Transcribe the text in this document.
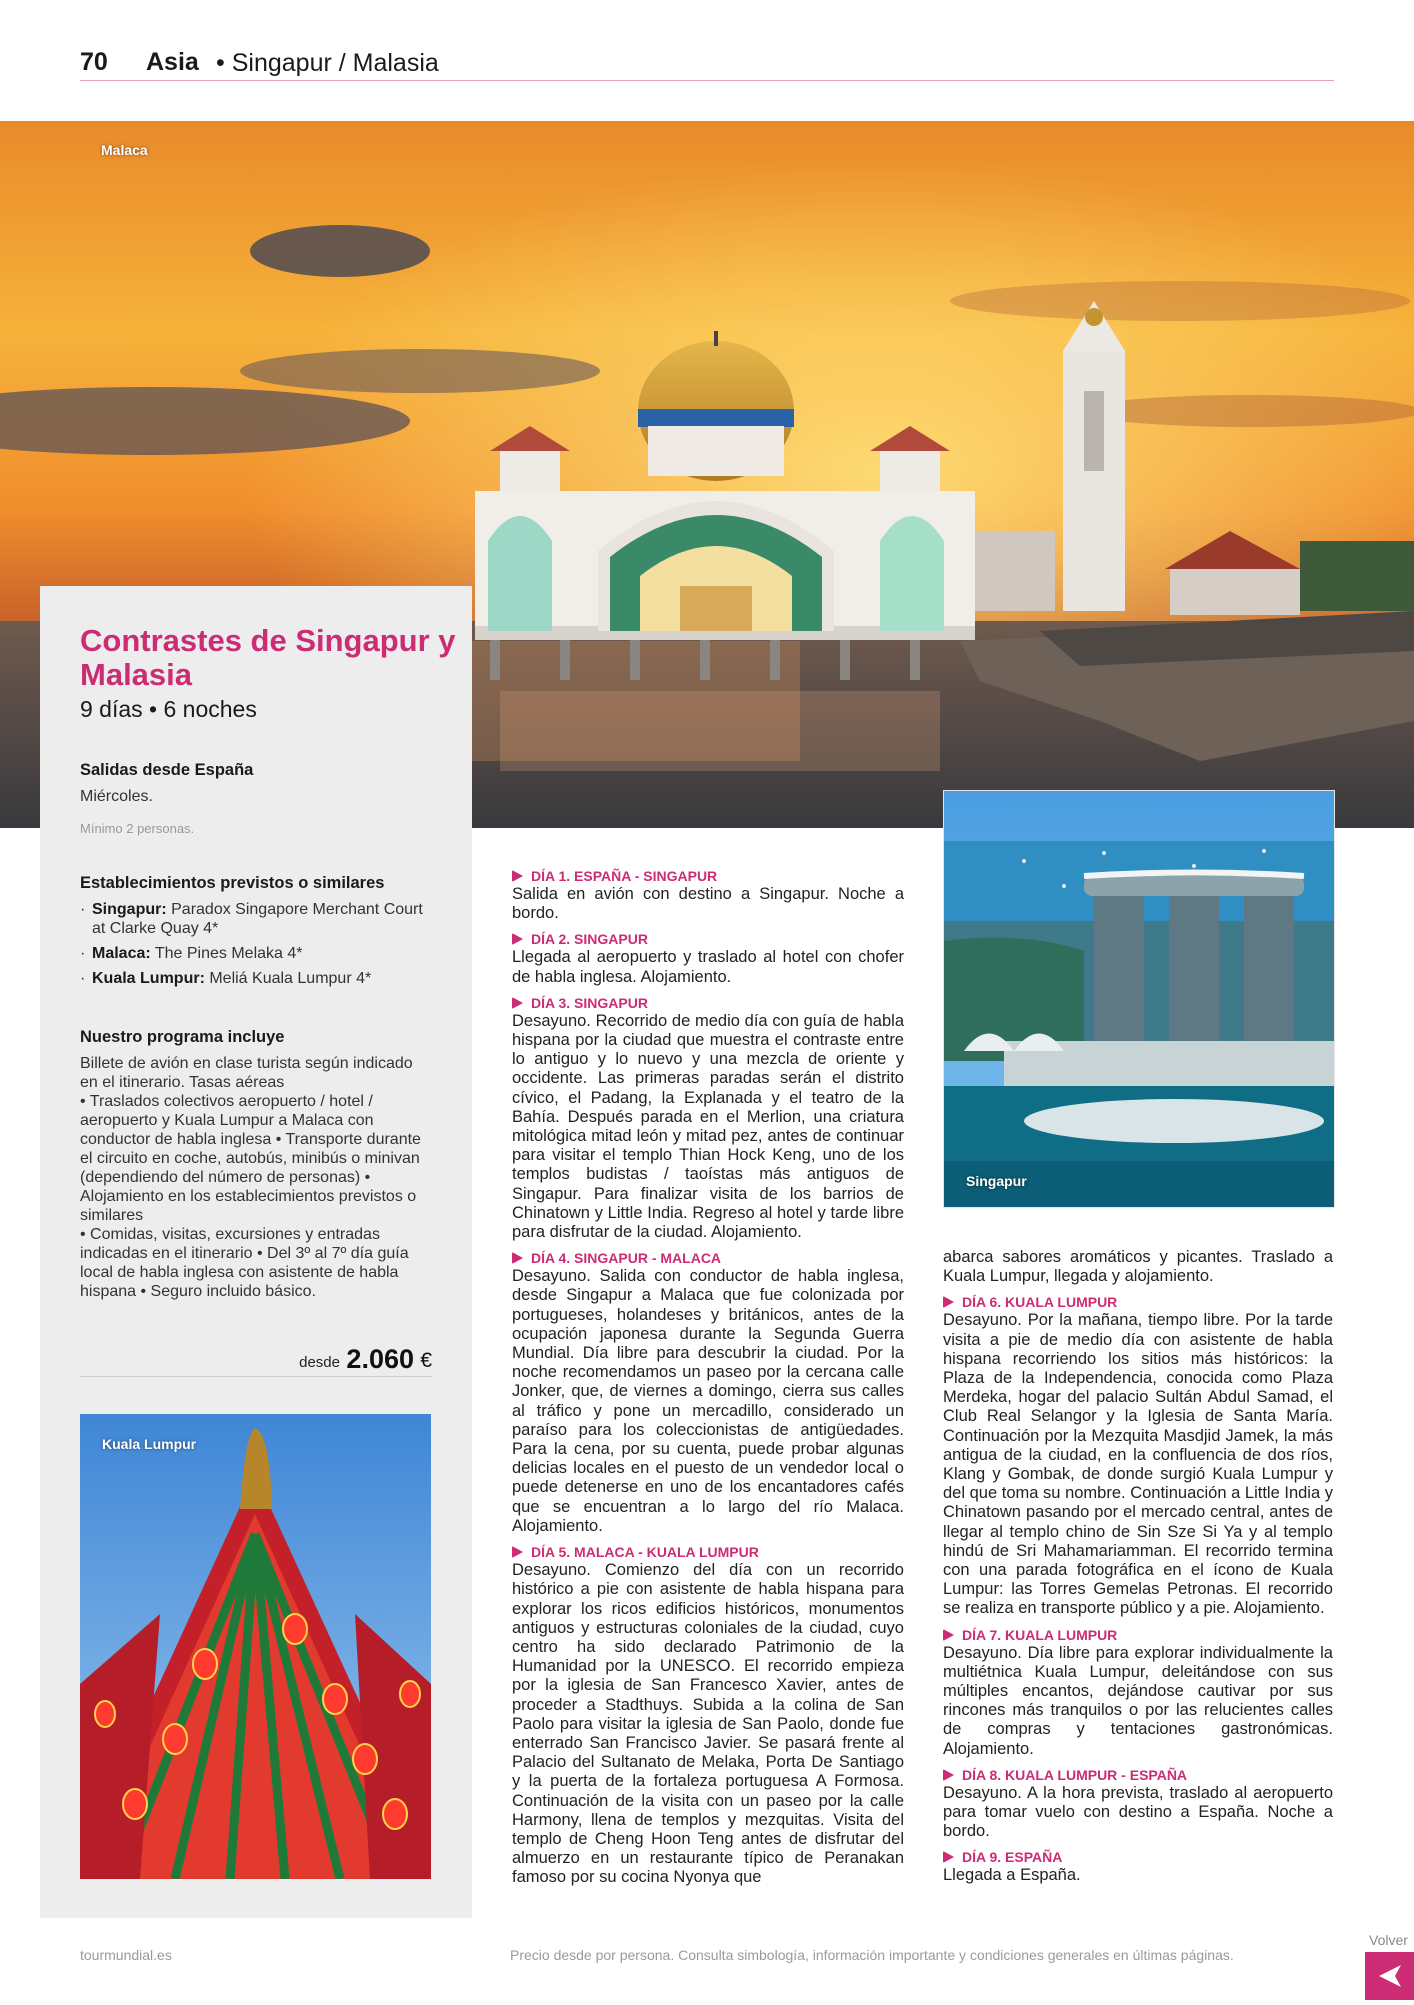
70 Asia • Singapur / Malasia
Malaca
Contrastes de Singapur y Malasia
9 días • 6 noches
Salidas desde España
Miércoles.
Mínimo 2 personas.
Establecimientos previstos o similares
· Singapur: Paradox Singapore Merchant Court at Clarke Quay 4*
· Malaca: The Pines Melaka 4*
· Kuala Lumpur: Meliá Kuala Lumpur 4*
Nuestro programa incluye
Billete de avión en clase turista según indicado en el itinerario. Tasas aéreas
• Traslados colectivos aeropuerto / hotel / aeropuerto y Kuala Lumpur a Malaca con conductor de habla inglesa • Transporte durante el circuito en coche, autobús, minibús o minivan (dependiendo del número de personas) • Alojamiento en los establecimientos previstos o similares
• Comidas, visitas, excursiones y entradas indicadas en el itinerario • Del 3º al 7º día guía local de habla inglesa con asistente de habla hispana • Seguro incluido básico.
desde 2.060 €
Kuala Lumpur
Singapur
DÍA 1. ESPAÑA - SINGAPUR
Salida en avión con destino a Singapur. Noche a bordo.
DÍA 2. SINGAPUR
Llegada al aeropuerto y traslado al hotel con chofer de habla inglesa. Alojamiento.
DÍA 3. SINGAPUR
Desayuno. Recorrido de medio día con guía de habla hispana por la ciudad que muestra el contraste entre lo antiguo y lo nuevo y una mezcla de oriente y occidente. Las primeras paradas serán el distrito cívico, el Padang, la Explanada y el teatro de la Bahía. Después parada en el Merlion, una criatura mitológica mitad león y mitad pez, antes de continuar para visitar el templo Thian Hock Keng, uno de los templos budistas / taoístas más antiguos de Singapur. Para finalizar visita de los barrios de Chinatown y Little India. Regreso al hotel y tarde libre para disfrutar de la ciudad. Alojamiento.
DÍA 4. SINGAPUR - MALACA
Desayuno. Salida con conductor de habla inglesa, desde Singapur a Malaca que fue colonizada por portugueses, holandeses y británicos, antes de la ocupación japonesa durante la Segunda Guerra Mundial. Día libre para descubrir la ciudad. Por la noche recomendamos un paseo por la cercana calle Jonker, que, de viernes a domingo, cierra sus calles al tráfico y pone un mercadillo, considerado un paraíso para los coleccionistas de antigüedades. Para la cena, por su cuenta, puede probar algunas delicias locales en el puesto de un vendedor local o puede detenerse en uno de los encantadores cafés que se encuentran a lo largo del río Malaca. Alojamiento.
DÍA 5. MALACA - KUALA LUMPUR
Desayuno. Comienzo del día con un recorrido histórico a pie con asistente de habla hispana para explorar los ricos edificios históricos, monumentos antiguos y estructuras coloniales de la ciudad, cuyo centro ha sido declarado Patrimonio de la Humanidad por la UNESCO. El recorrido empieza por la iglesia de San Francesco Xavier, antes de proceder a Stadthuys. Subida a la colina de San Paolo para visitar la iglesia de San Paolo, donde fue enterrado San Francisco Javier. Se pasará frente al Palacio del Sultanato de Melaka, Porta De Santiago y la puerta de la fortaleza portuguesa A Formosa. Continuación de la visita con un paseo por la calle Harmony, llena de templos y mezquitas. Visita del templo de Cheng Hoon Teng antes de disfrutar del almuerzo en un restaurante típico de Peranakan famoso por su cocina Nyonya que
abarca sabores aromáticos y picantes. Traslado a Kuala Lumpur, llegada y alojamiento.
DÍA 6. KUALA LUMPUR
Desayuno. Por la mañana, tiempo libre. Por la tarde visita a pie de medio día con asistente de habla hispana recorriendo los sitios más históricos: la Plaza de la Independencia, conocida como Plaza Merdeka, hogar del palacio Sultán Abdul Samad, el Club Real Selangor y la Iglesia de Santa María. Continuación por la Mezquita Masdjid Jamek, la más antigua de la ciudad, en la confluencia de dos ríos, Klang y Gombak, de donde surgió Kuala Lumpur y del que toma su nombre. Continuación a Little India y Chinatown pasando por el mercado central, antes de llegar al templo chino de Sin Sze Si Ya y al templo hindú de Sri Mahamariamman. El recorrido termina con una parada fotográfica en el ícono de Kuala Lumpur: las Torres Gemelas Petronas. El recorrido se realiza en transporte público y a pie. Alojamiento.
DÍA 7. KUALA LUMPUR
Desayuno. Día libre para explorar individualmente la multiétnica Kuala Lumpur, deleitándose con sus múltiples encantos, dejándose cautivar por sus rincones más tranquilos o por las relucientes calles de compras y tentaciones gastronómicas. Alojamiento.
DÍA 8. KUALA LUMPUR - ESPAÑA
Desayuno. A la hora prevista, traslado al aeropuerto para tomar vuelo con destino a España. Noche a bordo.
DÍA 9. ESPAÑA
Llegada a España.
tourmundial.es	Precio desde por persona. Consulta simbología, información importante y condiciones generales en últimas páginas.
Volver
